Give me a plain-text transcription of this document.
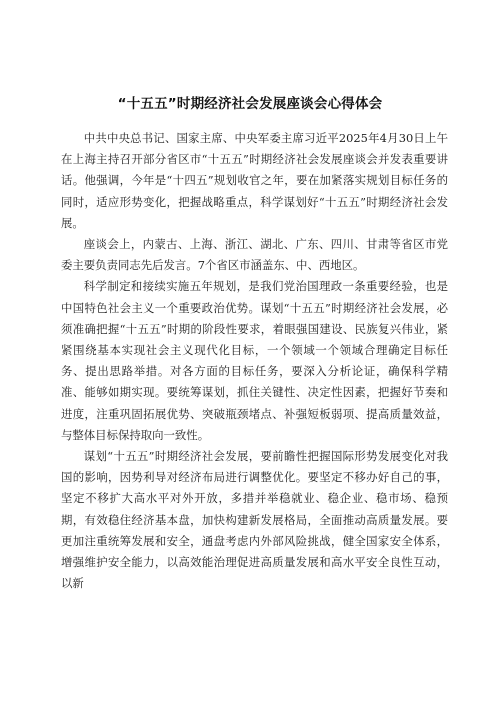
“十五五”时期经济社会发展座谈会心得体会

中共中央总书记、国家主席、中央军委主席习近平2025年4月30日上午在上海主持召开部分省区市“十五五”时期经济社会发展座谈会并发表重要讲话。他强调，今年是“十四五”规划收官之年，要在加紧落实规划目标任务的同时，适应形势变化，把握战略重点，科学谋划好“十五五”时期经济社会发展。

座谈会上，内蒙古、上海、浙江、湖北、广东、四川、甘肃等省区市党委主要负责同志先后发言。7个省区市涵盖东、中、西地区。

科学制定和接续实施五年规划，是我们党治国理政一条重要经验，也是中国特色社会主义一个重要政治优势。谋划“十五五”时期经济社会发展，必须准确把握“十五五”时期的阶段性要求，着眼强国建设、民族复兴伟业，紧紧围绕基本实现社会主义现代化目标，一个领域一个领域合理确定目标任务、提出思路举措。对各方面的目标任务，要深入分析论证，确保科学精准、能够如期实现。要统筹谋划，抓住关键性、决定性因素，把握好节奏和进度，注重巩固拓展优势、突破瓶颈堵点、补强短板弱项、提高质量效益，与整体目标保持取向一致性。

谋划“十五五”时期经济社会发展，要前瞻性把握国际形势发展变化对我国的影响，因势利导对经济布局进行调整优化。要坚定不移办好自己的事，坚定不移扩大高水平对外开放，多措并举稳就业、稳企业、稳市场、稳预期，有效稳住经济基本盘，加快构建新发展格局，全面推动高质量发展。要更加注重统筹发展和安全，通盘考虑内外部风险挑战，健全国家安全体系，增强维护安全能力，以高效能治理促进高质量发展和高水平安全良性互动，以新
